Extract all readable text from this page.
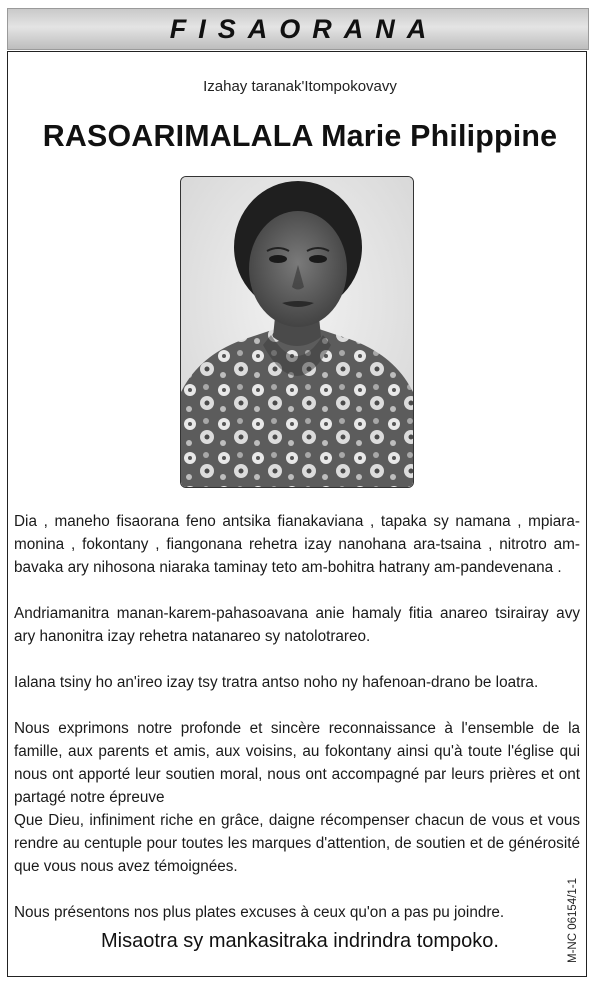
FISAORANA
Izahay taranak'Itompokovavy
RASOARIMALALA Marie Philippine

Dia , maneho fisaorana feno antsika fianakaviana , tapaka sy namana , mpiara-monina , fokontany , fiangonana rehetra izay nanohana ara-tsaina , nitrotro am-bavaka ary nihosona niaraka taminay teto am-bohitra hatrany am-pandevenana .

Andriamanitra manan-karem-pahasoavana anie hamaly fitia anareo tsirairay avy ary hanonitra izay rehetra natanareo sy natolotrareo.

Ialana tsiny ho an'ireo izay tsy tratra antso noho ny hafenoan-drano be loatra.

Nous exprimons notre profonde et sincère reconnaissance à l'ensemble de la famille, aux parents et amis, aux voisins, au fokontany ainsi qu'à toute l'église qui nous ont apporté leur soutien moral, nous ont accompagné par leurs prières et ont partagé notre épreuve

Que Dieu, infiniment riche en grâce, daigne récompenser chacun de vous et vous rendre au centuple pour toutes les marques d'attention, de soutien et de générosité que vous nous avez témoignées.

Nous présentons nos plus plates excuses à ceux qu'on a pas pu joindre.

Misaotra sy mankasitraka indrindra tompoko.	M-NC 06154/1-1
